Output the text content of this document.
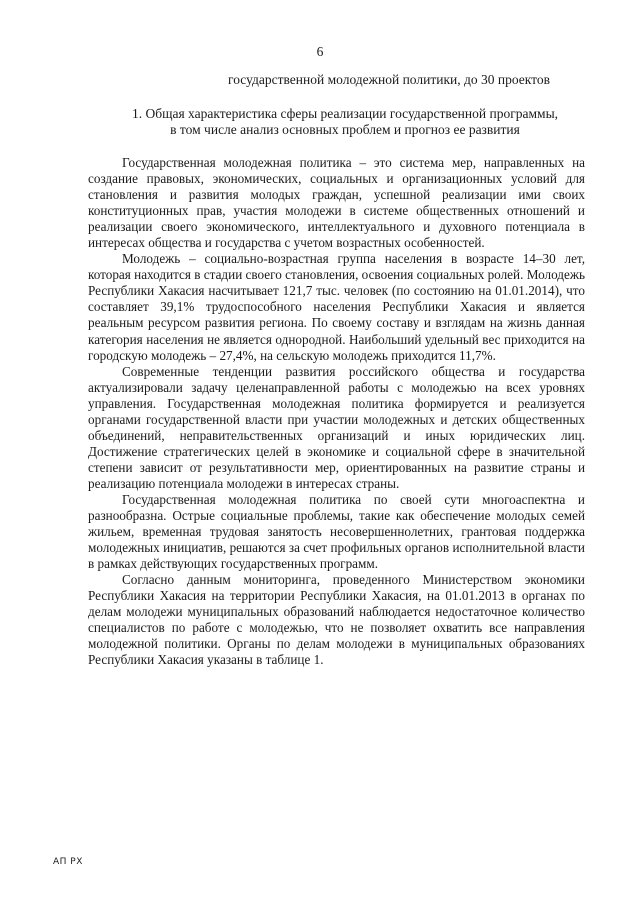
6
государственной молодежной политики, до 30 проектов
1. Общая характеристика сферы реализации государственной программы,
в том числе анализ основных проблем и прогноз ее развития

Государственная молодежная политика – это система мер, направленных на создание правовых, экономических, социальных и организационных условий для становления и развития молодых граждан, успешной реализации ими своих конституционных прав, участия молодежи в системе общественных отношений и реализации своего экономического, интеллектуального и духовного потенциала в интересах общества и государства с учетом возрастных особенностей.

Молодежь – социально-возрастная группа населения в возрасте 14–30 лет, которая находится в стадии своего становления, освоения социальных ролей. Молодежь Республики Хакасия насчитывает 121,7 тыс. человек (по состоянию на 01.01.2014), что составляет 39,1% трудоспособного населения Республики Хакасия и является реальным ресурсом развития региона. По своему составу и взглядам на жизнь данная категория населения не является однородной. Наибольший удельный вес приходится на городскую молодежь – 27,4%, на сельскую молодежь приходится 11,7%.

Современные тенденции развития российского общества и государства актуализировали задачу целенаправленной работы с молодежью на всех уровнях управления. Государственная молодежная политика формируется и реализуется органами государственной власти при участии молодежных и детских общественных объединений, неправительственных организаций и иных юридических лиц. Достижение стратегических целей в экономике и социальной сфере в значительной степени зависит от результативности мер, ориентированных на развитие страны и реализацию потенциала молодежи в интересах страны.

Государственная молодежная политика по своей сути многоаспектна и разнообразна. Острые социальные проблемы, такие как обеспечение молодых семей жильем, временная трудовая занятость несовершеннолетних, грантовая поддержка молодежных инициатив, решаются за счет профильных органов исполнительной власти в рамках действующих государственных программ.

Согласно данным мониторинга, проведенного Министерством экономики Республики Хакасия на территории Республики Хакасия, на 01.01.2013 в органах по делам молодежи муниципальных образований наблюдается недостаточное количество специалистов по работе с молодежью, что не позволяет охватить все направления молодежной политики. Органы по делам молодежи в муниципальных образованиях Республики Хакасия указаны в таблице 1.

АП РХ
